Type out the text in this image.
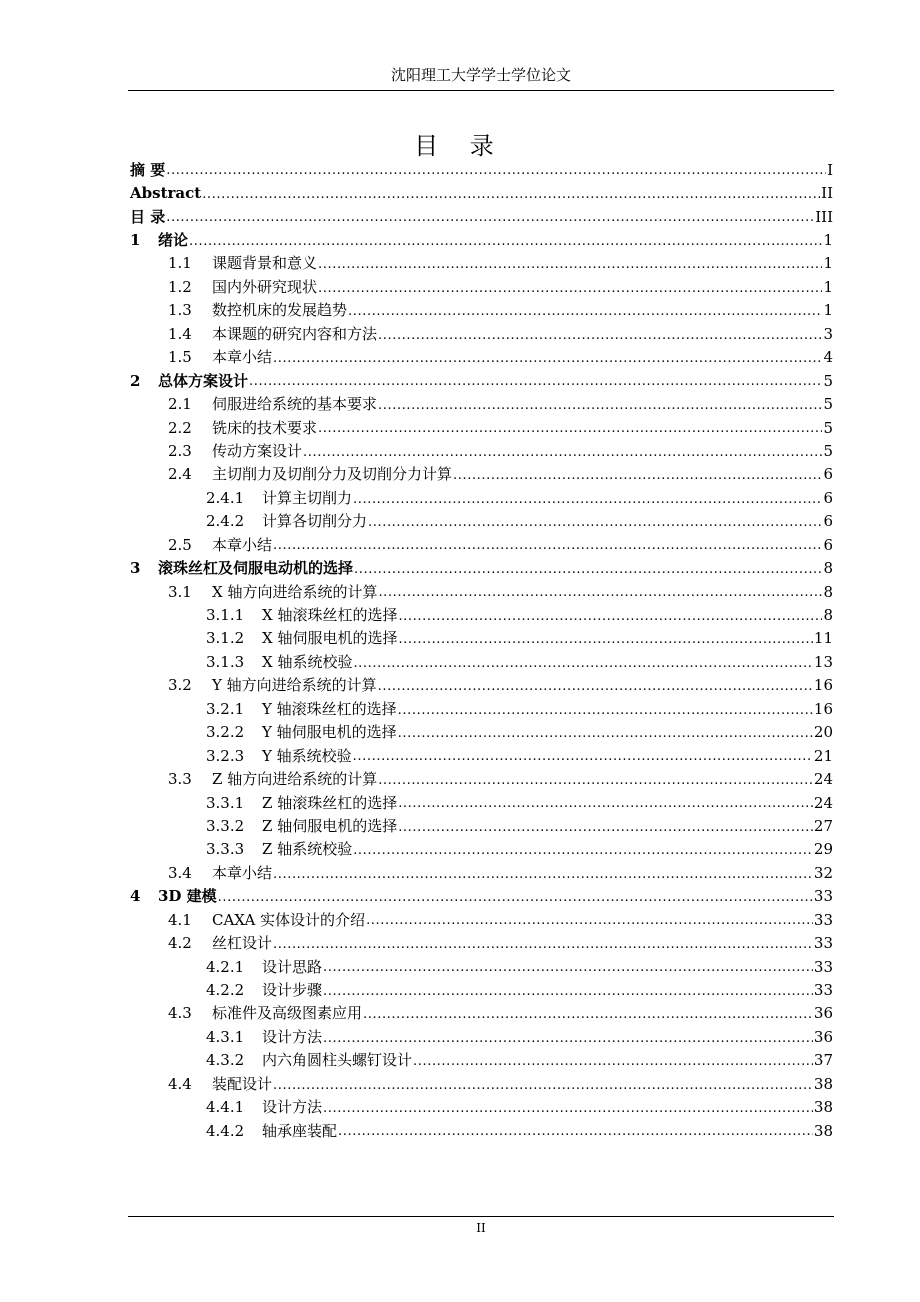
沈阳理工大学学士学位论文
目 录
摘 要 .....	I
Abstract .....	II
目 录 .....	III
1	绪论 .....	1
1.1	课题背景和意义 .....	1
1.2	国内外研究现状 .....	1
1.3	数控机床的发展趋势 .....	1
1.4	本课题的研究内容和方法 .....	3
1.5	本章小结 .....	4
2	总体方案设计 .....	5
2.1	伺服进给系统的基本要求 .....	5
2.2	铣床的技术要求 .....	5
2.3	传动方案设计 .....	5
2.4	主切削力及切削分力及切削分力计算 .....	6
2.4.1	计算主切削力 .....	6
2.4.2	计算各切削分力 .....	6
2.5	本章小结 .....	6
3	滚珠丝杠及伺服电动机的选择 .....	8
3.1	X 轴方向进给系统的计算 .....	8
3.1.1	X 轴滚珠丝杠的选择 .....	8
3.1.2	X 轴伺服电机的选择 .....	11
3.1.3	X 轴系统校验 .....	13
3.2	Y 轴方向进给系统的计算 .....	16
3.2.1	Y 轴滚珠丝杠的选择 .....	16
3.2.2	Y 轴伺服电机的选择 .....	20
3.2.3	Y 轴系统校验 .....	21
3.3	Z 轴方向进给系统的计算 .....	24
3.3.1	Z 轴滚珠丝杠的选择 .....	24
3.3.2	Z 轴伺服电机的选择 .....	27
3.3.3	Z 轴系统校验 .....	29
3.4	本章小结 .....	32
4	3D 建模 .....	33
4.1	CAXA 实体设计的介绍 .....	33
4.2	丝杠设计 .....	33
4.2.1	设计思路 .....	33
4.2.2	设计步骤 .....	33
4.3	标准件及高级图素应用 .....	36
4.3.1	设计方法 .....	36
4.3.2	内六角圆柱头螺钉设计 .....	37
4.4	装配设计 .....	38
4.4.1	设计方法 .....	38
4.4.2	轴承座装配 .....	38
II
